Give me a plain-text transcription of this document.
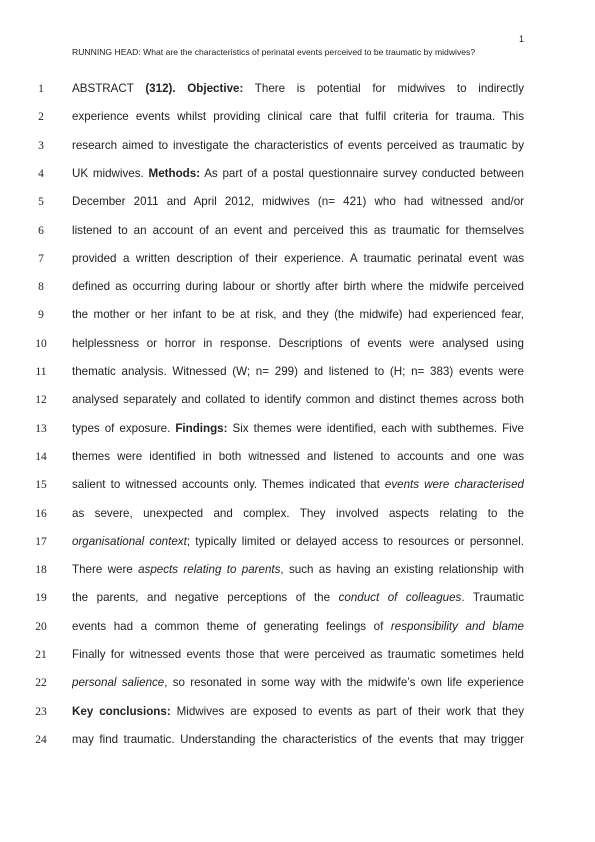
1
RUNNING HEAD: What are the characteristics of perinatal events perceived to be traumatic by midwives?
1	ABSTRACT (312). Objective: There is potential for midwives to indirectly
2	experience events whilst providing clinical care that fulfil criteria for trauma. This
3	research aimed to investigate the characteristics of events perceived as traumatic by
4	UK midwives. Methods: As part of a postal questionnaire survey conducted between
5	December 2011 and April 2012, midwives (n= 421) who had witnessed and/or
6	listened to an account of an event and perceived this as traumatic for themselves
7	provided a written description of their experience. A traumatic perinatal event was
8	defined as occurring during labour or shortly after birth where the midwife perceived
9	the mother or her infant to be at risk, and they (the midwife) had experienced fear,
10	helplessness or horror in response. Descriptions of events were analysed using
11	thematic analysis. Witnessed (W; n= 299) and listened to (H; n= 383) events were
12	analysed separately and collated to identify common and distinct themes across both
13	types of exposure. Findings: Six themes were identified, each with subthemes. Five
14	themes were identified in both witnessed and listened to accounts and one was
15	salient to witnessed accounts only. Themes indicated that events were characterised
16	as severe, unexpected and complex. They involved aspects relating to the
17	organisational context; typically limited or delayed access to resources or personnel.
18	There were aspects relating to parents, such as having an existing relationship with
19	the parents, and negative perceptions of the conduct of colleagues. Traumatic
20	events had a common theme of generating feelings of responsibility and blame
21	Finally for witnessed events those that were perceived as traumatic sometimes held
22	personal salience, so resonated in some way with the midwife’s own life experience
23	Key conclusions: Midwives are exposed to events as part of their work that they
24	may find traumatic. Understanding the characteristics of the events that may trigger
